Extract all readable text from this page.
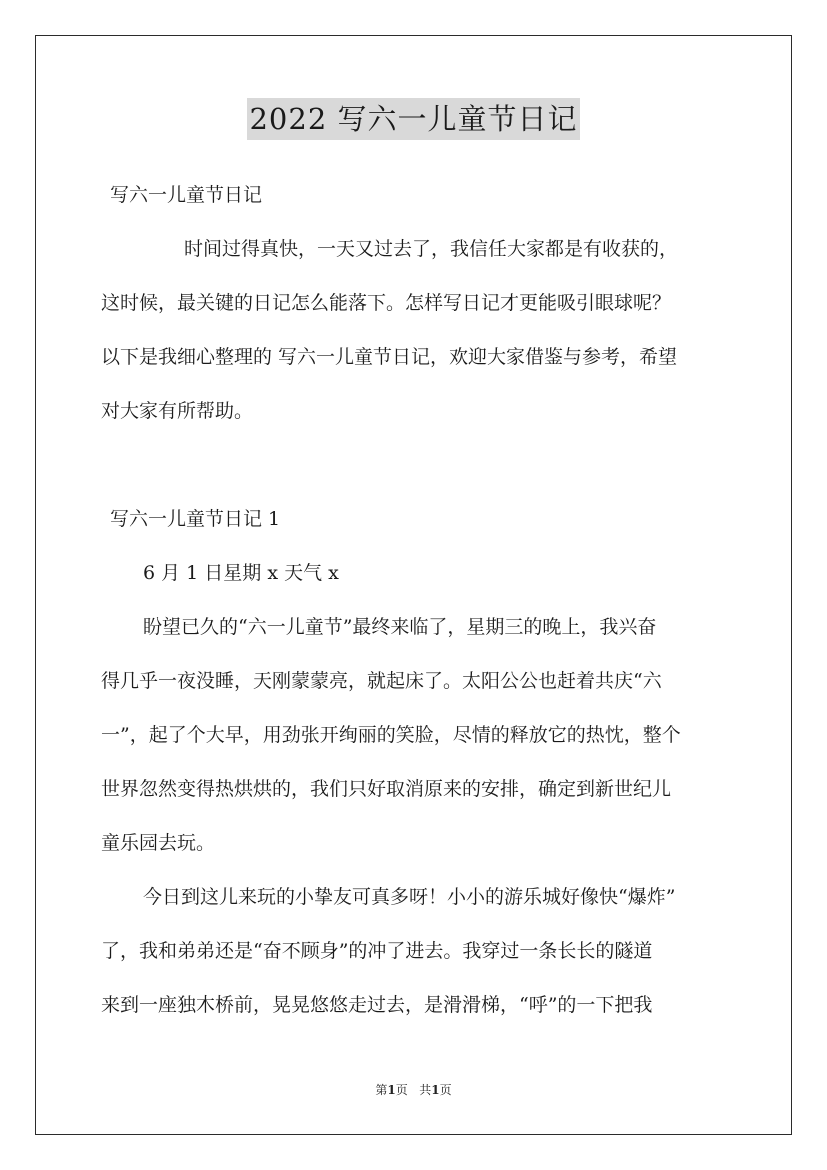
2022 写六一儿童节日记
写六一儿童节日记
时间过得真快，一天又过去了，我信任大家都是有收获的，
这时候，最关键的日记怎么能落下。怎样写日记才更能吸引眼球呢？
以下是我细心整理的 写六一儿童节日记，欢迎大家借鉴与参考，希望
对大家有所帮助。
写六一儿童节日记 1
6 月 1 日星期 x 天气 x
盼望已久的“六一儿童节”最终来临了，星期三的晚上，我兴奋
得几乎一夜没睡，天刚蒙蒙亮，就起床了。太阳公公也赶着共庆“六
一”，起了个大早，用劲张开绚丽的笑脸，尽情的释放它的热忱，整个
世界忽然变得热烘烘的，我们只好取消原来的安排，确定到新世纪儿
童乐园去玩。
今日到这儿来玩的小挚友可真多呀！小小的游乐城好像快“爆炸”
了，我和弟弟还是“奋不顾身”的冲了进去。我穿过一条长长的隧道
来到一座独木桥前，晃晃悠悠走过去，是滑滑梯，“呼”的一下把我
第1页 共1页
